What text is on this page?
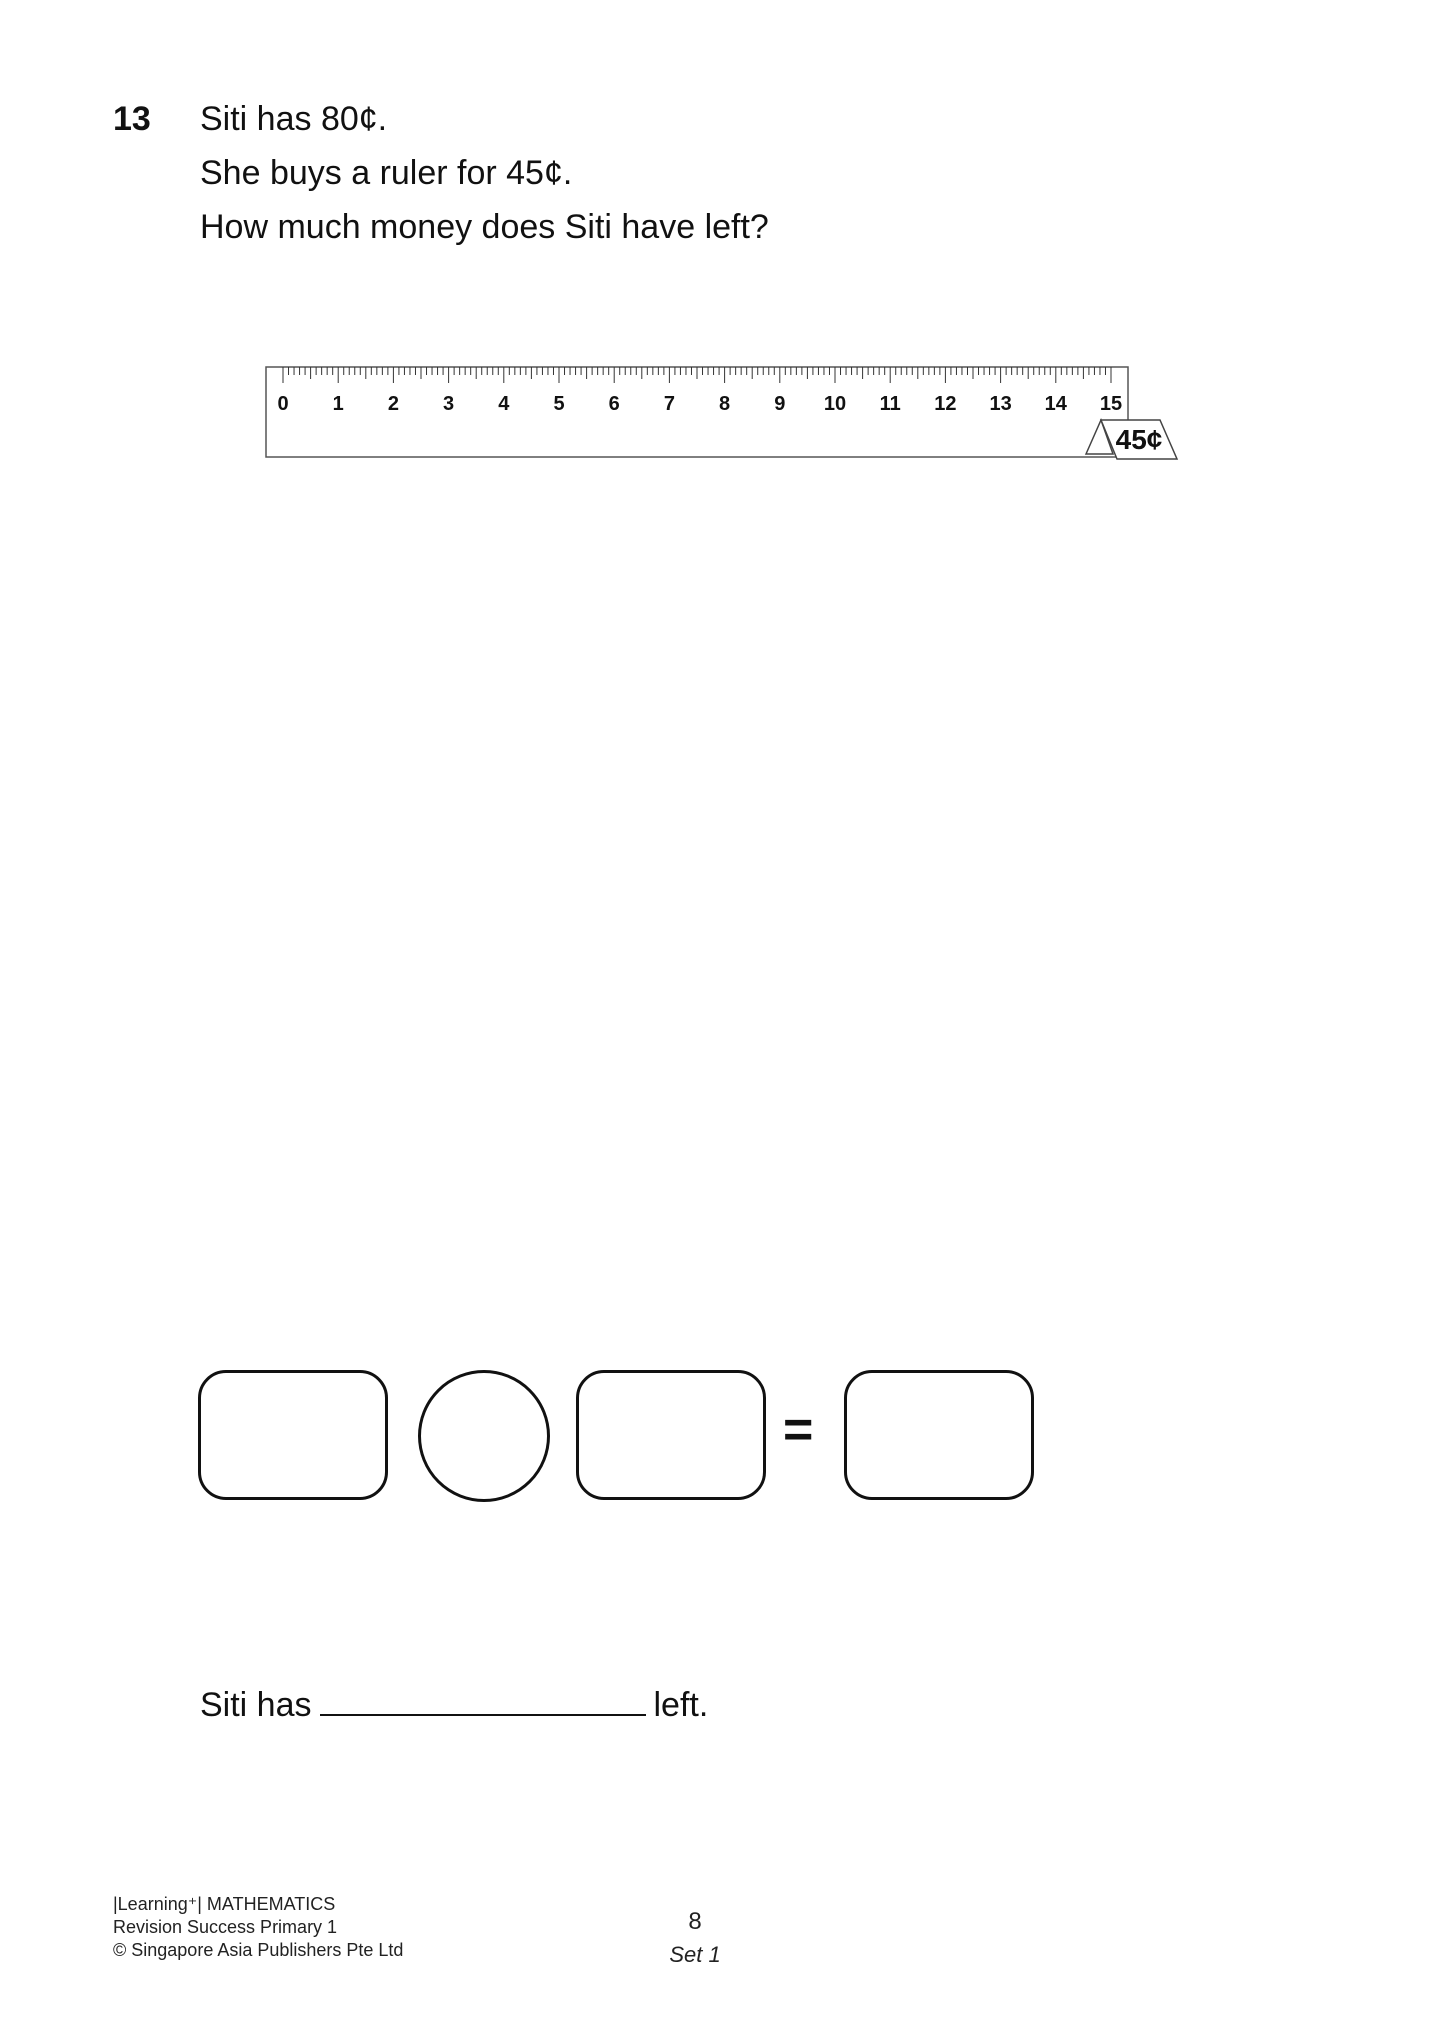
13 Siti has 80¢.
She buys a ruler for 45¢.
How much money does Siti have left?
0 1 2 3 4 5 6 7 8 9 10 11 12 13 14 15
45¢
=
Siti has	left.
|Learning⁺| MATHEMATICS
Revision Success Primary 1
© Singapore Asia Publishers Pte Ltd
8
Set 1
